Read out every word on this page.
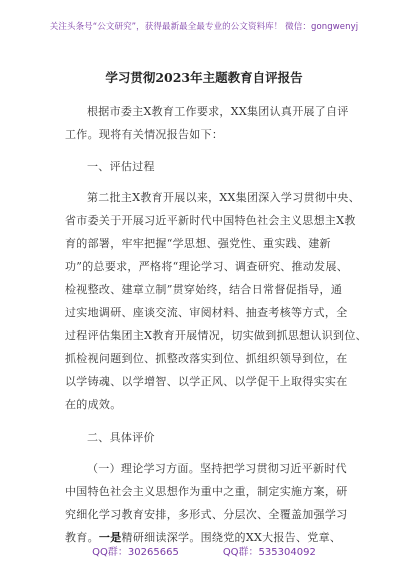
关注头条号“公文研究”，获得最新最全最专业的公文资料库！ 微信：gongwenyj
学习贯彻2023年主题教育自评报告
根据市委主X教育工作要求，XX集团认真开展了自评
工作。现将有关情况报告如下：
一、评估过程
第二批主X教育开展以来，XX集团深入学习贯彻中央、
省市委关于开展习近平新时代中国特色社会主义思想主X教
育的部署，牢牢把握“学思想、强党性、重实践、建新
功”的总要求，严格将“理论学习、调查研究、推动发展、
检视整改、建章立制”贯穿始终，结合日常督促指导，通
过实地调研、座谈交流、审阅材料、抽查考核等方式，全
过程评估集团主X教育开展情况，切实做到抓思想认识到位、
抓检视问题到位、抓整改落实到位、抓组织领导到位，在
以学铸魂、以学增智、以学正风、以学促干上取得实实在
在的成效。
二、具体评价
（一）理论学习方面。坚持把学习贯彻习近平新时代
中国特色社会主义思想作为重中之重，制定实施方案，研
究细化学习教育安排，多形式、分层次、全覆盖加强学习
教育。一是精研细读深学。围绕党的XX大报告、党章、
QQ群：30265665	QQ群：535304092
